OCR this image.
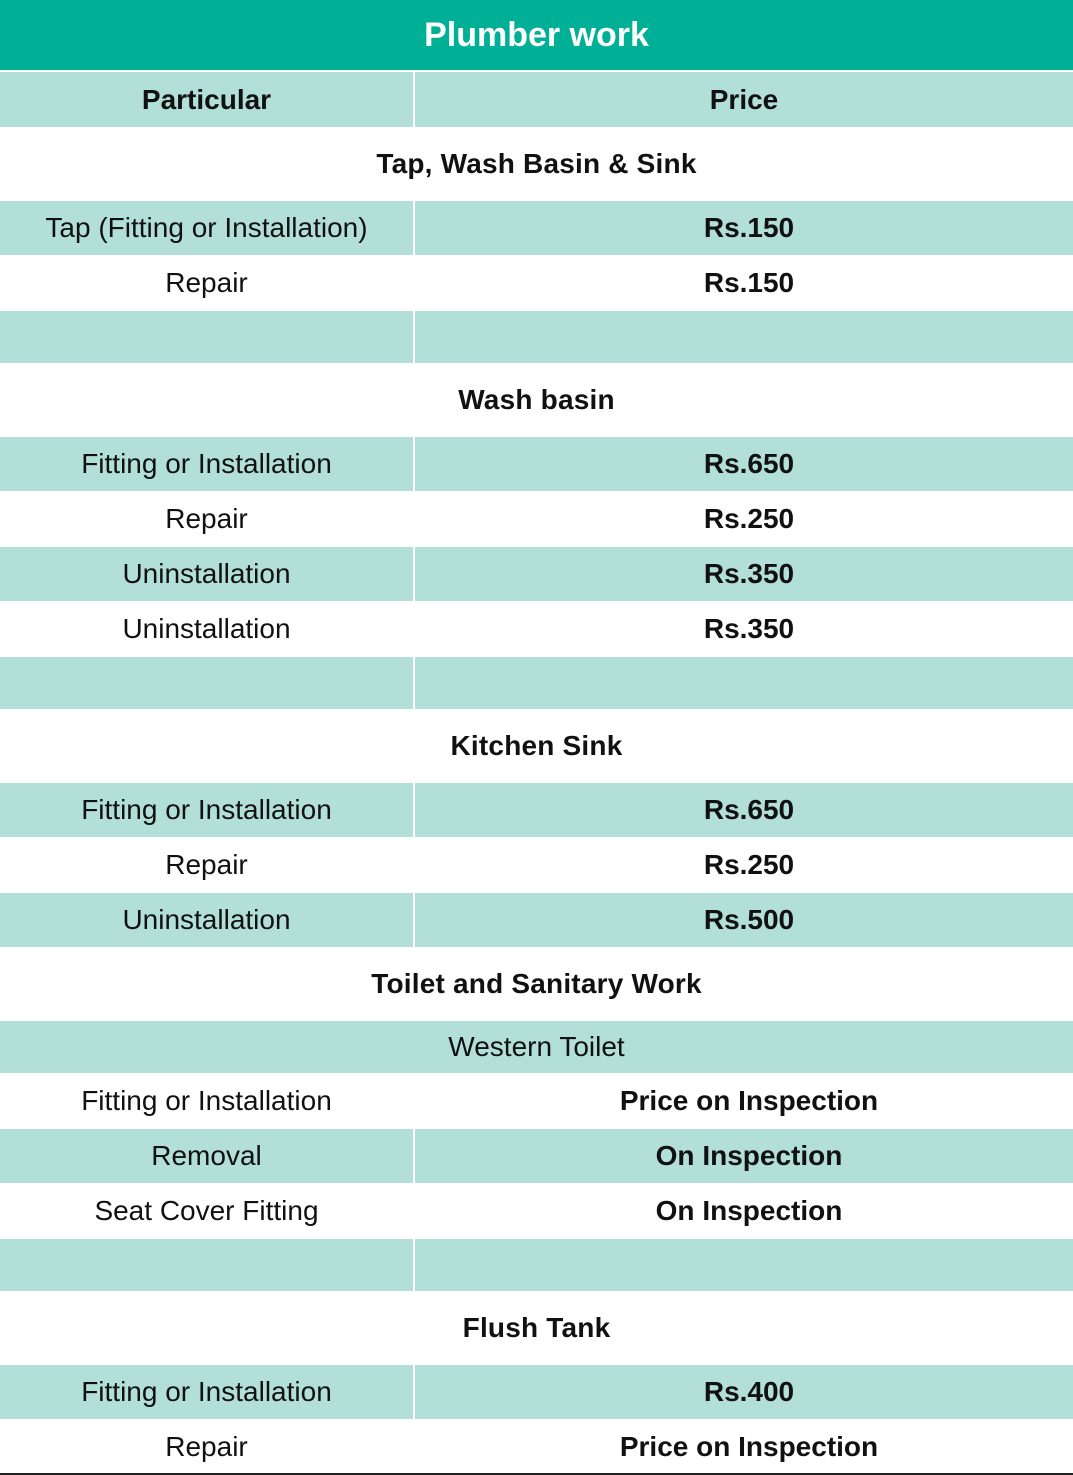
Plumber work
Particular	Price
Tap, Wash Basin & Sink
Tap (Fitting or Installation)	Rs.150
Repair	Rs.150
Wash basin
Fitting or Installation	Rs.650
Repair	Rs.250
Uninstallation	Rs.350
Uninstallation	Rs.350
Kitchen Sink
Fitting or Installation	Rs.650
Repair	Rs.250
Uninstallation	Rs.500
Toilet and Sanitary Work
Western Toilet
Fitting or Installation	Price on Inspection
Removal	On Inspection
Seat Cover Fitting	On Inspection
Flush Tank
Fitting or Installation	Rs.400
Repair	Price on Inspection
